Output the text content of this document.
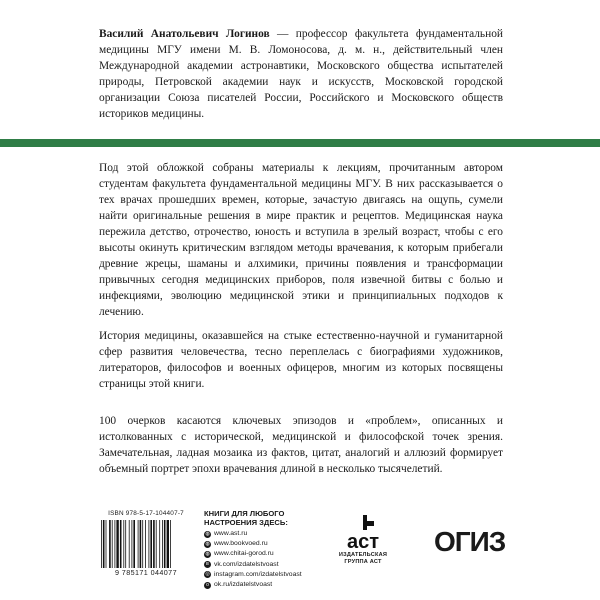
Василий Анатольевич Логинов — профессор факультета фундаментальной медицины МГУ имени М. В. Ломоносова, д. м. н., действительный член Международной академии астронавтики, Московского общества испытателей природы, Петровской академии наук и искусств, Московской городской организации Союза писателей России, Российского и Московского обществ историков медицины.
Под этой обложкой собраны материалы к лекциям, прочитанным автором студентам факультета фундаментальной медицины МГУ. В них рассказывается о тех врачах прошедших времен, которые, зачастую двигаясь на ощупь, сумели найти оригинальные решения в мире практик и рецептов. Медицинская наука пережила детство, отрочество, юность и вступила в зрелый возраст, чтобы с его высоты окинуть критическим взглядом методы врачевания, к которым прибегали древние жрецы, шаманы и алхимики, причины появления и трансформации привычных сегодня медицинских приборов, поля извечной битвы с болью и инфекциями, эволюцию медицинской этики и принципиальных подходов к лечению.
История медицины, оказавшейся на стыке естественно-научной и гуманитарной сфер развития человечества, тесно переплелась с биографиями художников, литераторов, философов и военных офицеров, многим из которых посвящены страницы этой книги.
100 очерков касаются ключевых эпизодов и «проблем», описанных и истолкованных с исторической, медицинской и философской точек зрения. Замечательная, ладная мозаика из фактов, цитат, аналогий и аллюзий формирует объемный портрет эпохи врачевания длиной в несколько тысячелетий.
ISBN 978-5-17-104407-7
9 785171 044077
КНИГИ ДЛЯ ЛЮБОГО
НАСТРОЕНИЯ ЗДЕСЬ:
◍ www.ast.ru
◍ www.bookvoed.ru
◍ www.chitai-gorod.ru
в vk.com/izdatelstvoast
◎ instagram.com/izdatelstvoast
о ok.ru/izdatelstvoast
аст
ИЗДАТЕЛЬСКАЯ
ГРУППА АСТ
ОГИЗ
